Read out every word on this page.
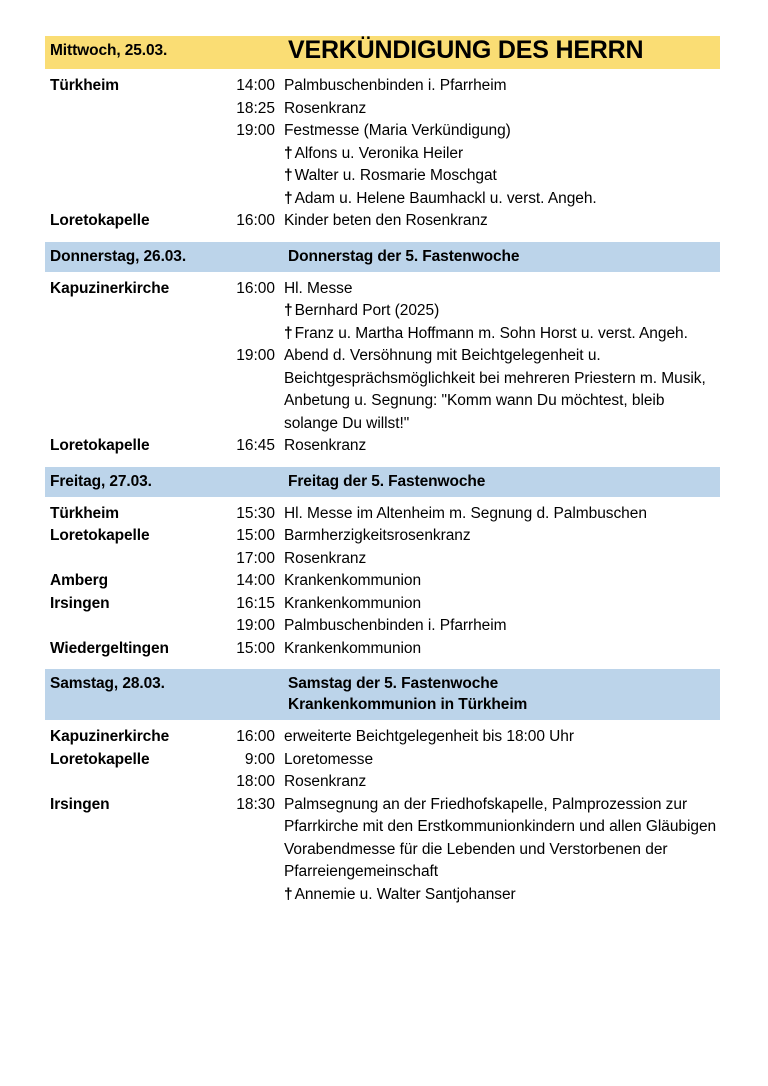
Mittwoch, 25.03.	VERKÜNDIGUNG DES HERRN
Türkheim	14:00 Palmbuschenbinden i. Pfarrheim
18:25 Rosenkranz
19:00 Festmesse (Maria Verkündigung)
† Alfons u. Veronika Heiler
† Walter u. Rosmarie Moschgat
† Adam u. Helene Baumhackl u. verst. Angeh.
Loretokapelle	16:00 Kinder beten den Rosenkranz
Donnerstag, 26.03.	Donnerstag der 5. Fastenwoche
Kapuzinerkirche	16:00 Hl. Messe
† Bernhard Port (2025)
† Franz u. Martha Hoffmann m. Sohn Horst u. verst. Angeh.
19:00 Abend d. Versöhnung mit Beichtgelegenheit u. Beichtgesprächsmöglichkeit bei mehreren Priestern m. Musik, Anbetung u. Segnung: "Komm wann Du möchtest, bleib solange Du willst!"
Loretokapelle	16:45 Rosenkranz
Freitag, 27.03.	Freitag der 5. Fastenwoche
Türkheim	15:30 Hl. Messe im Altenheim m. Segnung d. Palmbuschen
Loretokapelle	15:00 Barmherzigkeitsrosenkranz
17:00 Rosenkranz
Amberg	14:00 Krankenkommunion
Irsingen	16:15 Krankenkommunion
19:00 Palmbuschenbinden i. Pfarrheim
Wiedergeltingen	15:00 Krankenkommunion
Samstag, 28.03.	Samstag der 5. Fastenwoche
Krankenkommunion in Türkheim
Kapuzinerkirche	16:00 erweiterte Beichtgelegenheit bis 18:00 Uhr
Loretokapelle	9:00 Loretomesse
18:00 Rosenkranz
Irsingen	18:30 Palmsegnung an der Friedhofskapelle, Palmprozession zur Pfarrkirche mit den Erstkommunionkindern und allen Gläubigen Vorabendmesse für die Lebenden und Verstorbenen der Pfarreiengemeinschaft
† Annemie u. Walter Santjohanser
